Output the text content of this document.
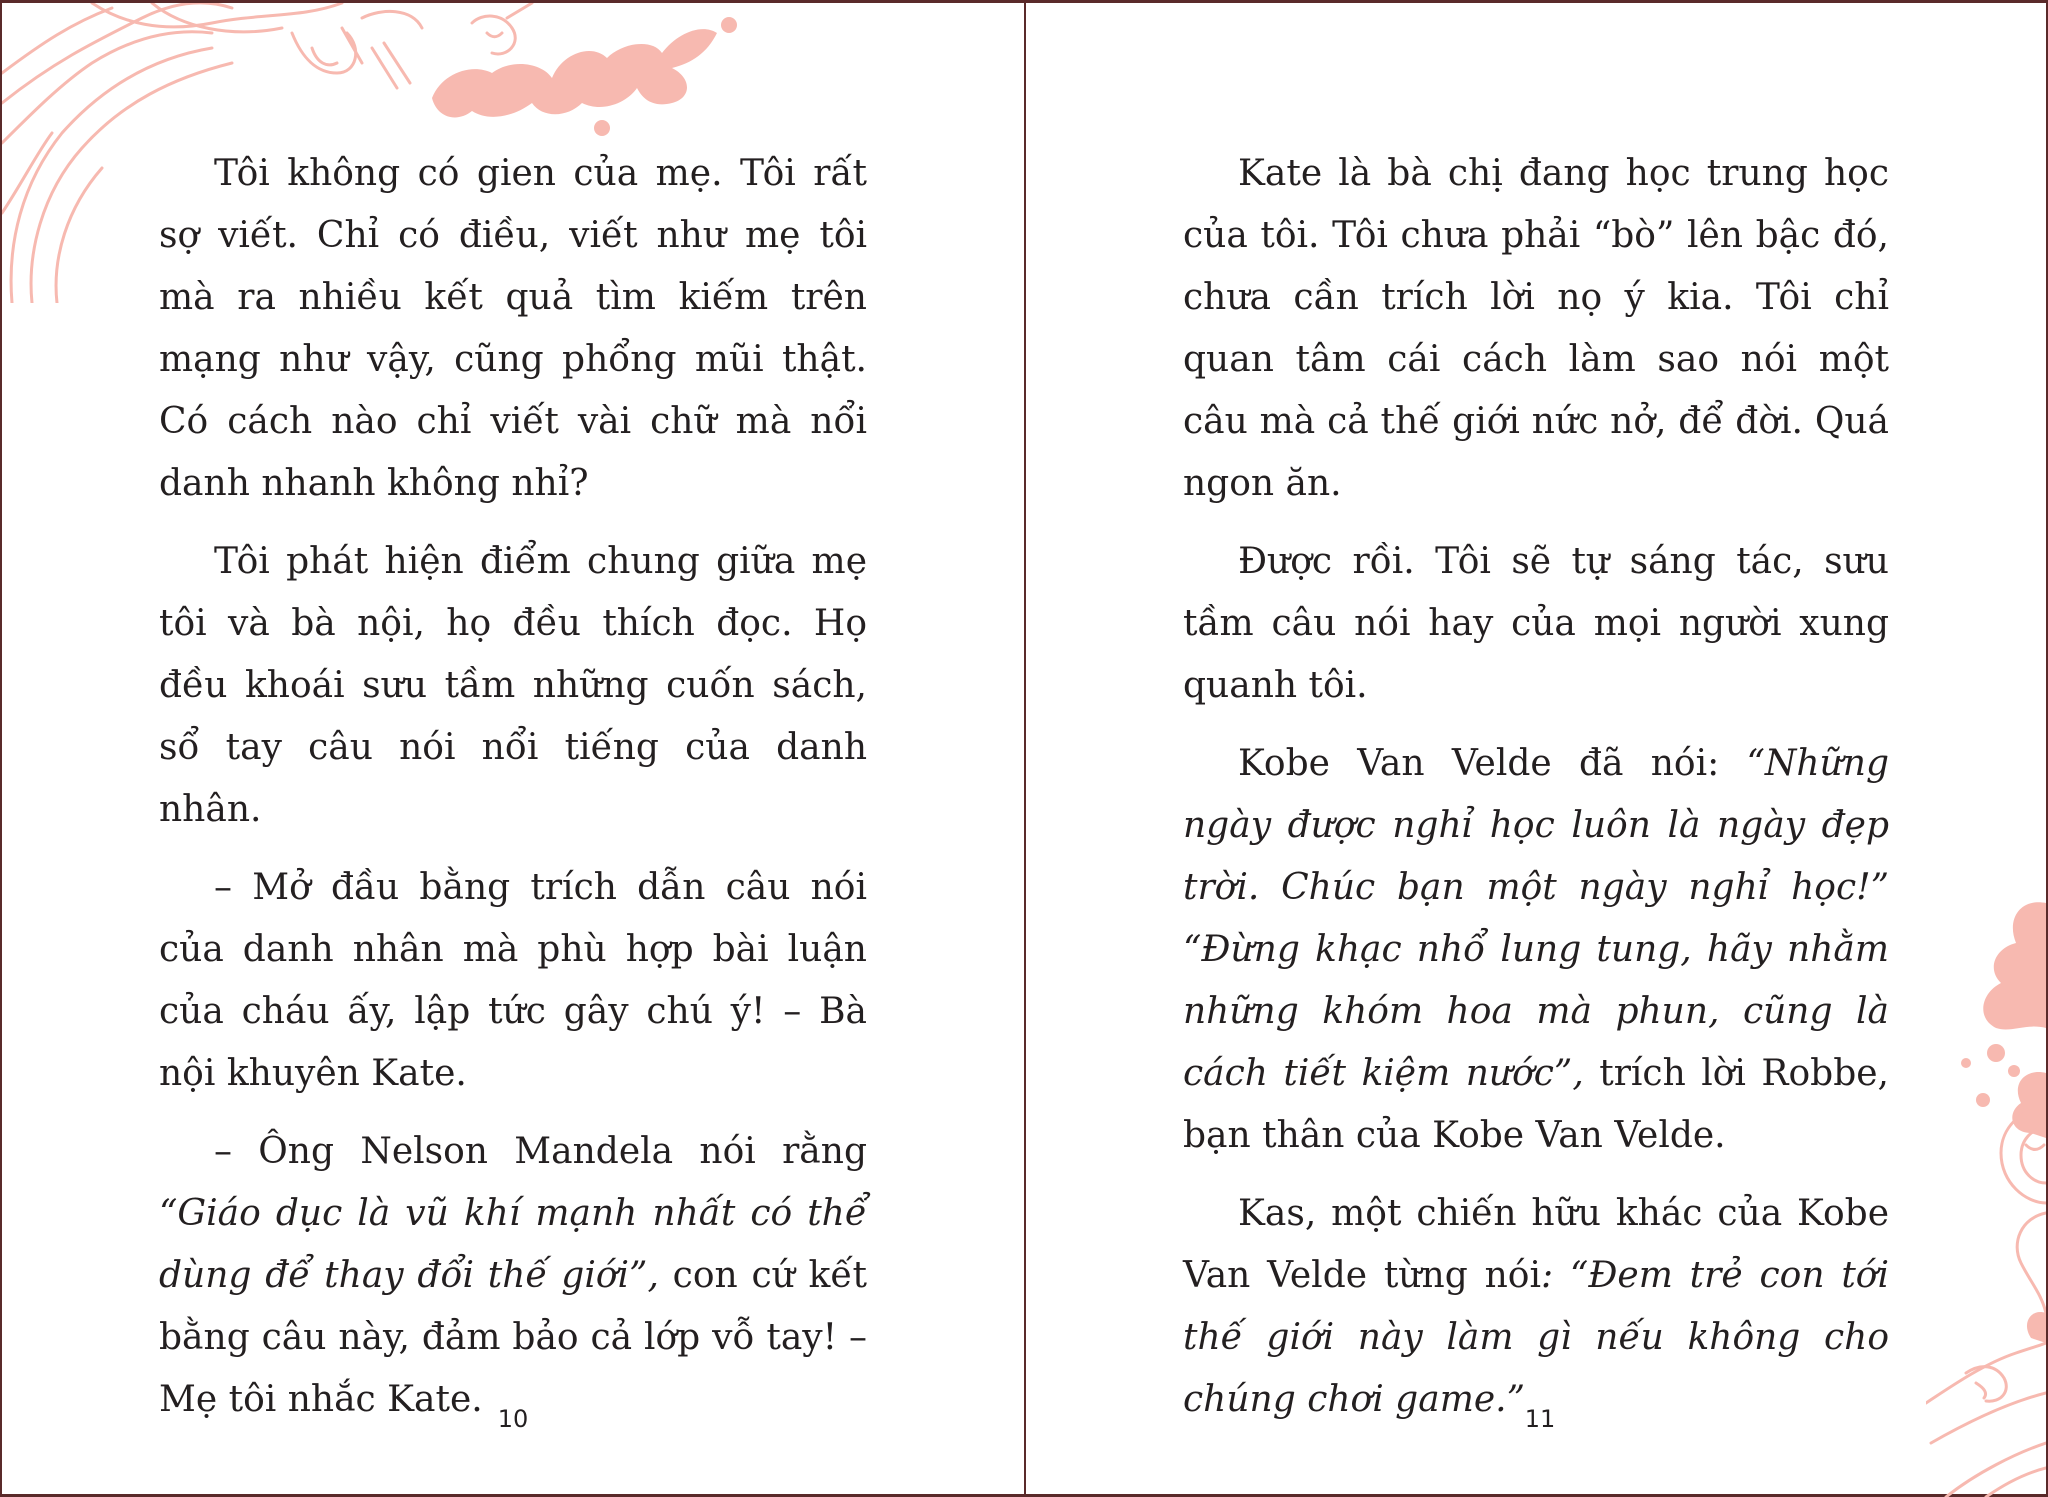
Tôi không có gien của mẹ. Tôi rất sợ viết. Chỉ có điều, viết như mẹ tôi mà ra nhiều kết quả tìm kiếm trên mạng như vậy, cũng phổng mũi thật. Có cách nào chỉ viết vài chữ mà nổi danh nhanh không nhỉ?

Tôi phát hiện điểm chung giữa mẹ tôi và bà nội, họ đều thích đọc. Họ đều khoái sưu tầm những cuốn sách, sổ tay câu nói nổi tiếng của danh nhân.

– Mở đầu bằng trích dẫn câu nói của danh nhân mà phù hợp bài luận của cháu ấy, lập tức gây chú ý! – Bà nội khuyên Kate.

– Ông Nelson Mandela nói rằng “Giáo dục là vũ khí mạnh nhất có thể dùng để thay đổi thế giới”, con cứ kết bằng câu này, đảm bảo cả lớp vỗ tay! – Mẹ tôi nhắc Kate. 10

Kate là bà chị đang học trung học của tôi. Tôi chưa phải “bò” lên bậc đó, chưa cần trích lời nọ ý kia. Tôi chỉ quan tâm cái cách làm sao nói một câu mà cả thế giới nức nở, để đời. Quá ngon ăn.

Được rồi. Tôi sẽ tự sáng tác, sưu tầm câu nói hay của mọi người xung quanh tôi.

Kobe Van Velde đã nói: “Những ngày được nghỉ học luôn là ngày đẹp trời. Chúc bạn một ngày nghỉ học!” “Đừng khạc nhổ lung tung, hãy nhằm những khóm hoa mà phun, cũng là cách tiết kiệm nước”, trích lời Robbe, bạn thân của Kobe Van Velde.

Kas, một chiến hữu khác của Kobe Van Velde từng nói: “Đem trẻ con tới thế giới này làm gì nếu không cho chúng chơi game.” 11
